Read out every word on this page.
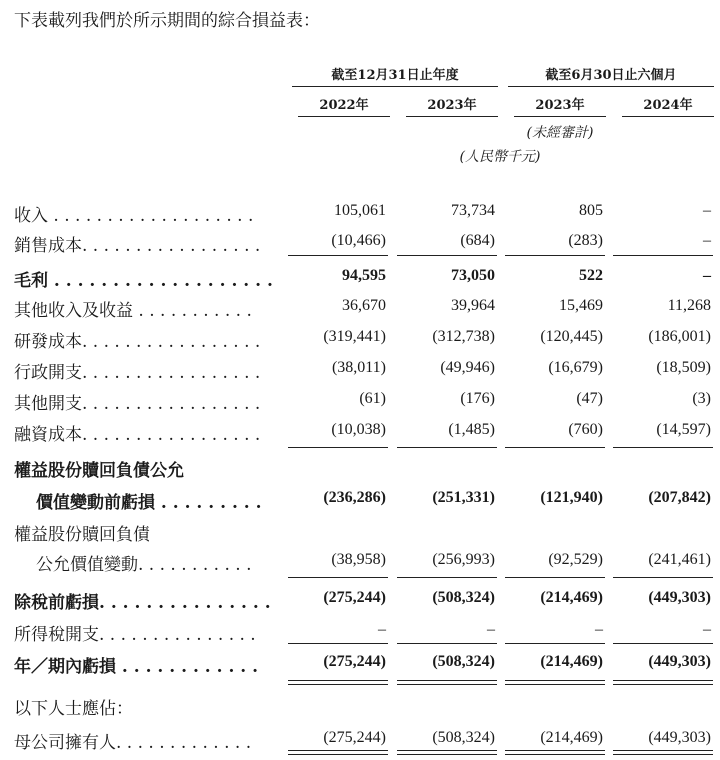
下表載列我們於所示期間的綜合損益表：
截至12月31日止年度	截至6月30日止六個月
2022年	2023年	2023年	2024年
(未經審計)
(人民幣千元)
收入 . . . . . . . . . . . . . . . . . . .	105,061	73,734	805	–
銷售成本. . . . . . . . . . . . . . . . .	(10,466)	(684)	(283)	–
毛利 . . . . . . . . . . . . . . . . . . .	94,595	73,050	522	–
其他收入及收益 . . . . . . . . . . .	36,670	39,964	15,469	11,268
研發成本. . . . . . . . . . . . . . . . .	(319,441)	(312,738)	(120,445)	(186,001)
行政開支. . . . . . . . . . . . . . . . .	(38,011)	(49,946)	(16,679)	(18,509)
其他開支. . . . . . . . . . . . . . . . .	(61)	(176)	(47)	(3)
融資成本. . . . . . . . . . . . . . . . .	(10,038)	(1,485)	(760)	(14,597)
權益股份贖回負債公允
價值變動前虧損 . . . . . . . . .	(236,286)	(251,331)	(121,940)	(207,842)
權益股份贖回負債
公允價值變動. . . . . . . . . . .	(38,958)	(256,993)	(92,529)	(241,461)
除稅前虧損. . . . . . . . . . . . . . .	(275,244)	(508,324)	(214,469)	(449,303)
所得稅開支. . . . . . . . . . . . . . .	–	–	–	–
年／期內虧損 . . . . . . . . . . . .	(275,244)	(508,324)	(214,469)	(449,303)
以下人士應佔：
母公司擁有人. . . . . . . . . . . . .	(275,244)	(508,324)	(214,469)	(449,303)
